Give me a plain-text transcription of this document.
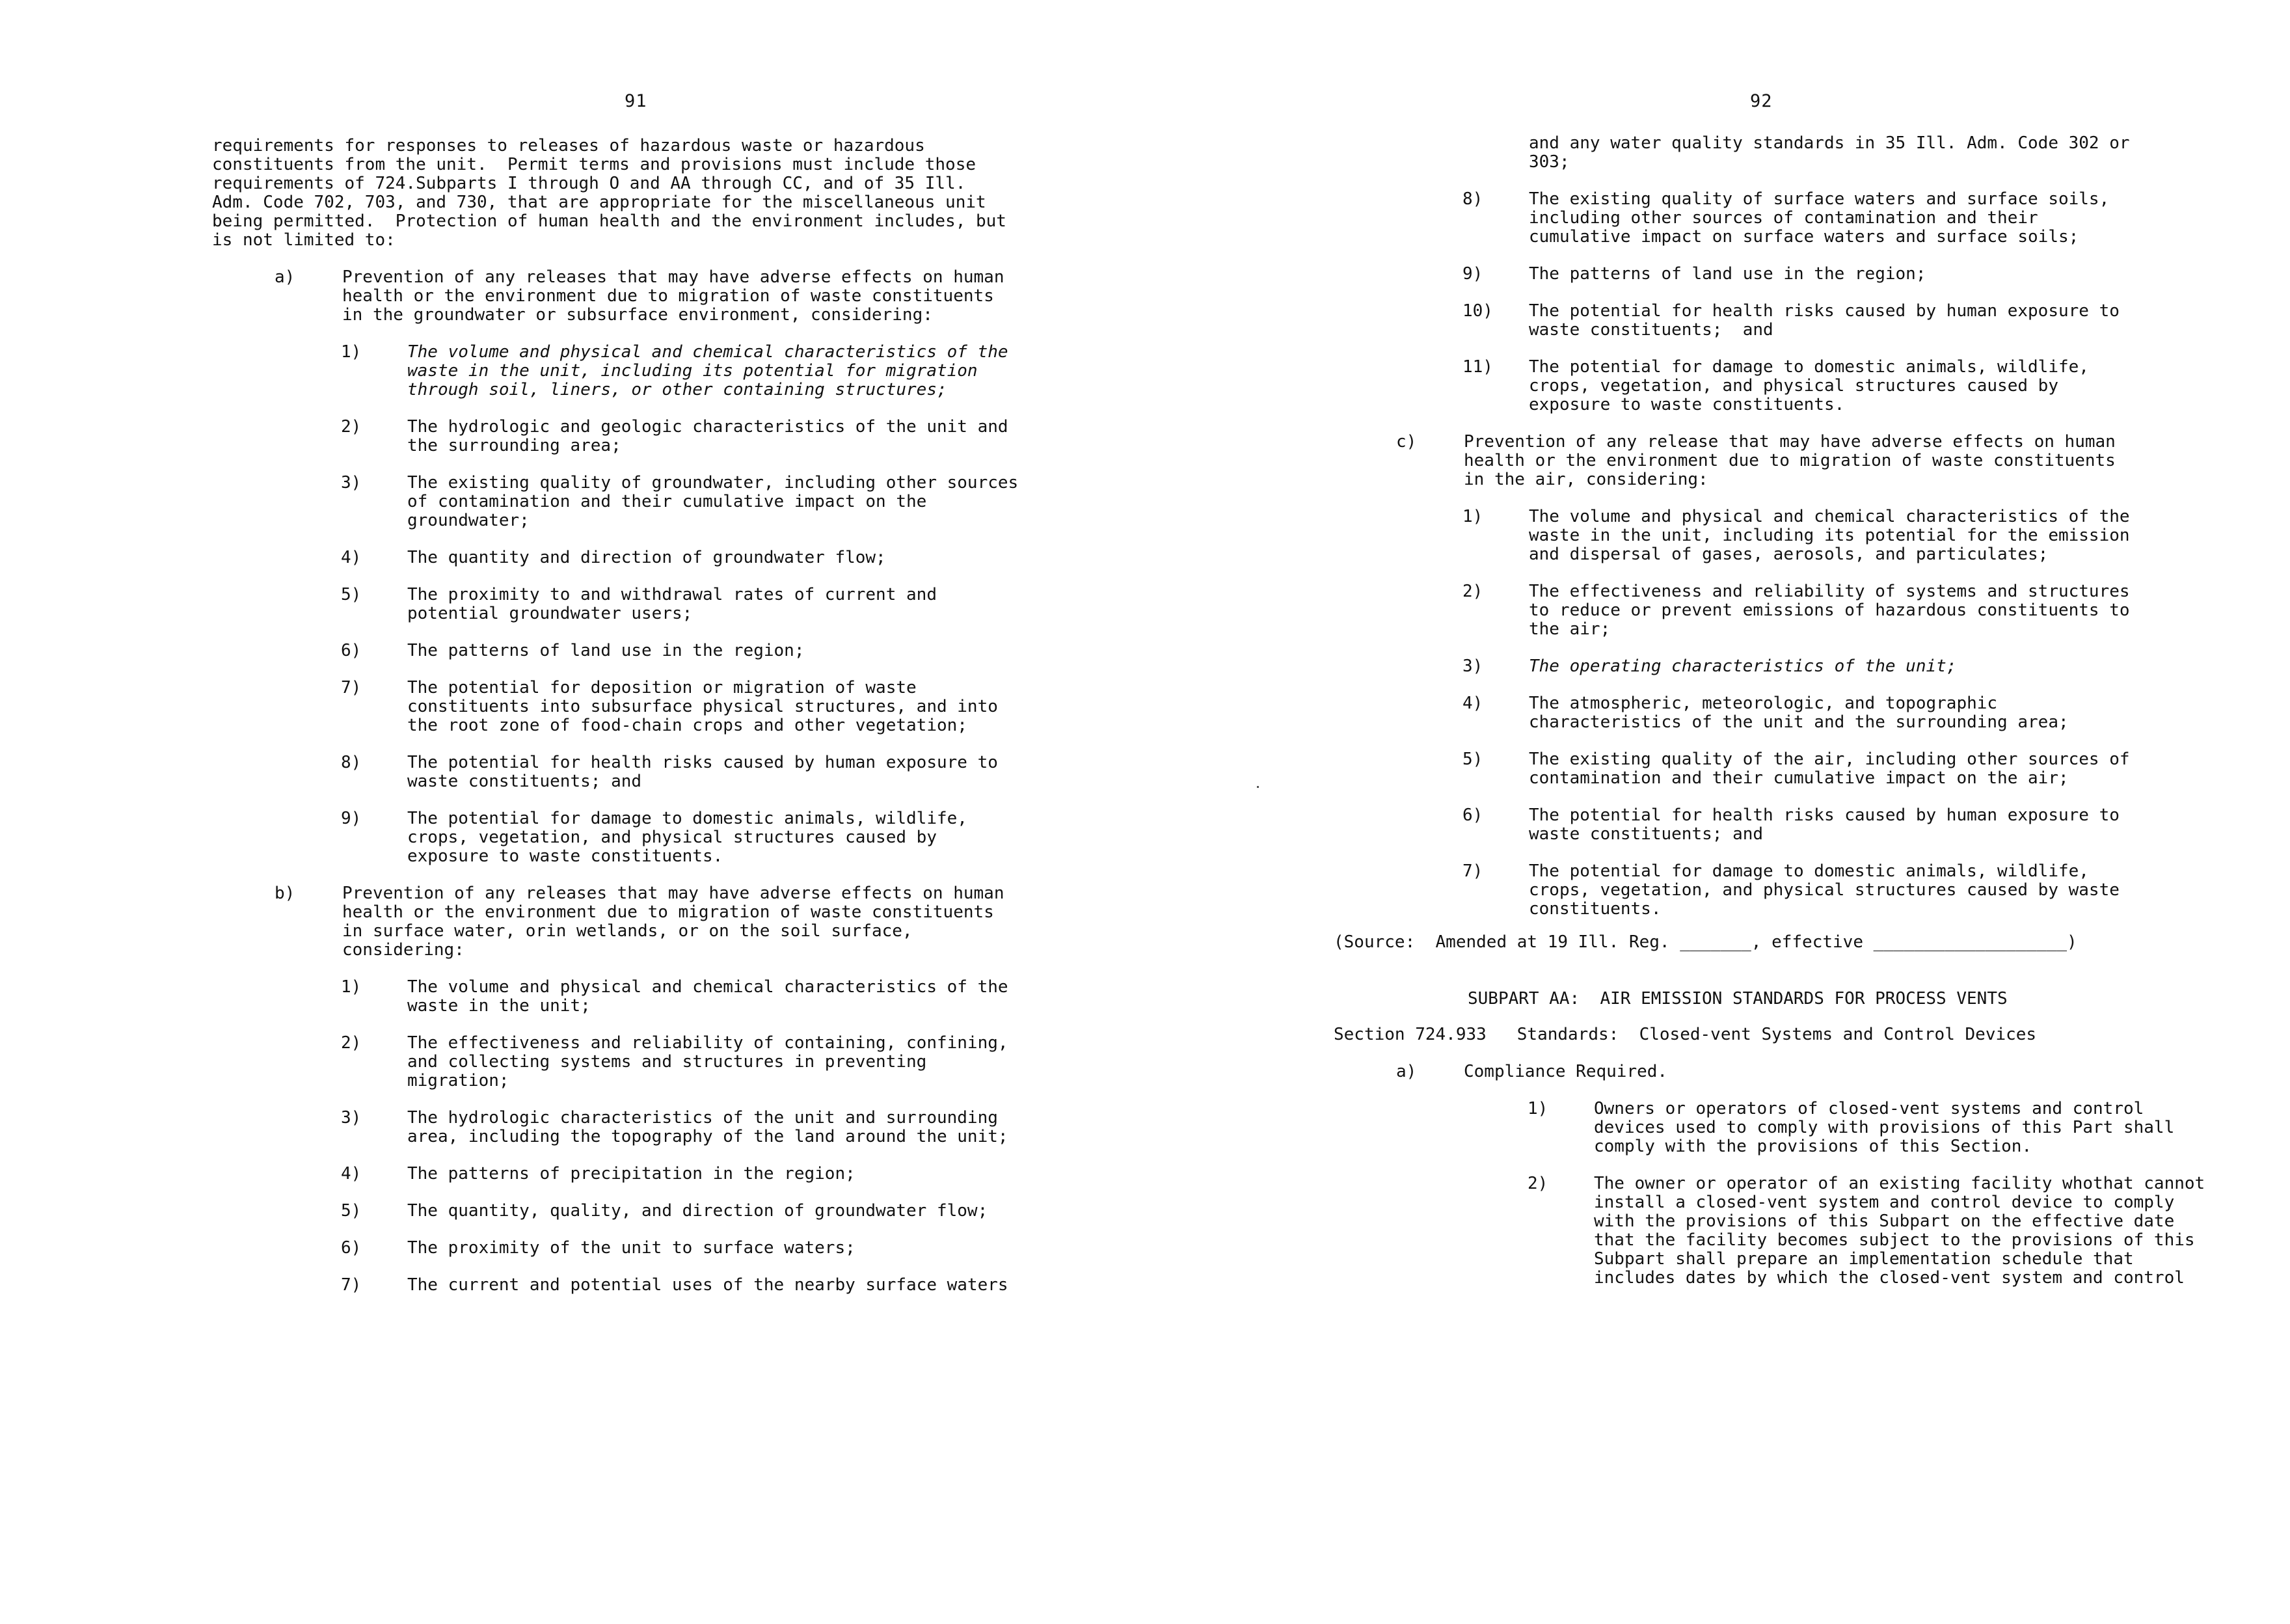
91

requirements for responses to releases of hazardous waste or hazardous
constituents from the unit.  Permit terms and provisions must include those
requirements of 724.Subparts I through O and AA through CC, and of 35 Ill.
Adm. Code 702, 703, and 730, that are appropriate for the miscellaneous unit
being permitted.  Protection of human health and the environment includes, but
is not limited to:

a)	Prevention of any releases that may have adverse effects on human
health or the environment due to migration of waste constituents
in the groundwater or subsurface environment, considering:
1)	The volume and physical and chemical characteristics of the
waste in the unit, including its potential for migration
through soil, liners, or other containing structures;
2)	The hydrologic and geologic characteristics of the unit and
the surrounding area;
3)	The existing quality of groundwater, including other sources
of contamination and their cumulative impact on the
groundwater;
4)	The quantity and direction of groundwater flow;
5)	The proximity to and withdrawal rates of current and
potential groundwater users;
6)	The patterns of land use in the region;
7)	The potential for deposition or migration of waste
constituents into subsurface physical structures, and into
the root zone of food-chain crops and other vegetation;
8)	The potential for health risks caused by human exposure to
waste constituents; and
9)	The potential for damage to domestic animals, wildlife,
crops, vegetation, and physical structures caused by
exposure to waste constituents.
b)	Prevention of any releases that may have adverse effects on human
health or the environment due to migration of waste constituents
in surface water, orin wetlands, or on the soil surface,
considering:
1)	The volume and physical and chemical characteristics of the
waste in the unit;
2)	The effectiveness and reliability of containing, confining,
and collecting systems and structures in preventing
migration;
3)	The hydrologic characteristics of the unit and surrounding
area, including the topography of the land around the unit;
4)	The patterns of precipitation in the region;
5)	The quantity, quality, and direction of groundwater flow;
6)	The proximity of the unit to surface waters;
7)	The current and potential uses of the nearby surface waters
92
and any water quality standards in 35 Ill. Adm. Code 302 or
303;
8)	The existing quality of surface waters and surface soils,
including other sources of contamination and their
cumulative impact on surface waters and surface soils;
9)	The patterns of land use in the region;
10) The potential for health risks caused by human exposure to
waste constituents;  and
11) The potential for damage to domestic animals, wildlife,
crops, vegetation, and physical structures caused by
exposure to waste constituents.
c)	Prevention of any release that may have adverse effects on human
health or the environment due to migration of waste constituents
in the air, considering:
1)	The volume and physical and chemical characteristics of the
waste in the unit, including its potential for the emission
and dispersal of gases, aerosols, and particulates;
2)	The effectiveness and reliability of systems and structures
to reduce or prevent emissions of hazardous constituents to
the air;
3)	The operating characteristics of the unit;
4)	The atmospheric, meteorologic, and topographic
characteristics of the unit and the surrounding area;
5)	The existing quality of the air, including other sources of
contamination and their cumulative impact on the air;
6)	The potential for health risks caused by human exposure to
waste constituents; and
7)	The potential for damage to domestic animals, wildlife,
crops, vegetation, and physical structures caused by waste
constituents.
(Source:  Amended at 19 Ill. Reg. _______, effective ___________________)
SUBPART AA:  AIR EMISSION STANDARDS FOR PROCESS VENTS
Section 724.933   Standards:  Closed-vent Systems and Control Devices
a)	Compliance Required.
1)	Owners or operators of closed-vent systems and control
devices used to comply with provisions of this Part shall
comply with the provisions of this Section.
2)	The owner or operator of an existing facility whothat cannot
install a closed-vent system and control device to comply
with the provisions of this Subpart on the effective date
that the facility becomes subject to the provisions of this
Subpart shall prepare an implementation schedule that
includes dates by which the closed-vent system and control
